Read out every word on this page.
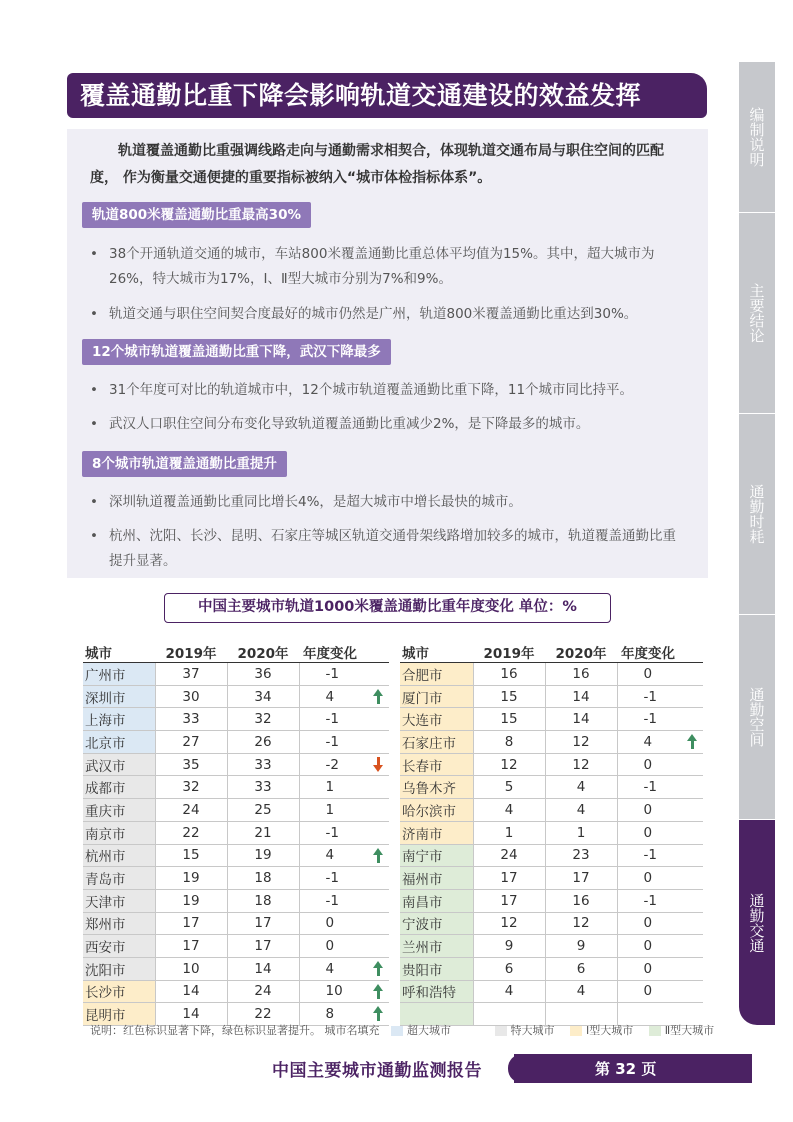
覆盖通勤比重下降会影响轨道交通建设的效益发挥
轨道覆盖通勤比重强调线路走向与通勤需求相契合，体现轨道交通布局与职住空间的匹配度， 作为衡量交通便捷的重要指标被纳入“城市体检指标体系”。
轨道800米覆盖通勤比重最高30%
• 38个开通轨道交通的城市，车站800米覆盖通勤比重总体平均值为15%。其中，超大城市为26%，特大城市为17%，Ⅰ、Ⅱ型大城市分别为7%和9%。
• 轨道交通与职住空间契合度最好的城市仍然是广州，轨道800米覆盖通勤比重达到30%。
12个城市轨道覆盖通勤比重下降，武汉下降最多
• 31个年度可对比的轨道城市中，12个城市轨道覆盖通勤比重下降，11个城市同比持平。
• 武汉人口职住空间分布变化导致轨道覆盖通勤比重减少2%，是下降最多的城市。
8个城市轨道覆盖通勤比重提升
• 深圳轨道覆盖通勤比重同比增长4%，是超大城市中增长最快的城市。
• 杭州、沈阳、长沙、昆明、石家庄等城区轨道交通骨架线路增加较多的城市，轨道覆盖通勤比重提升显著。
中国主要城市轨道1000米覆盖通勤比重年度变化 单位：%
城市	2019年	2020年	年度变化
广州市	37	36	-1
深圳市	30	34	4

上海市	33	32	-1
北京市	27	26	-1
武汉市	35	33	-2

成都市	32	33	1
重庆市	24	25	1
南京市	22	21	-1
杭州市	15	19	4

青岛市	19	18	-1
天津市	19	18	-1
郑州市	17	17	0
西安市	17	17	0
沈阳市	10	14	4

长沙市	14	24	10

昆明市	14	22	8
城市	2019年	2020年	年度变化
合肥市	16	16	0
厦门市	15	14	-1
大连市	15	14	-1
石家庄市	8	12	4

长春市	12	12	0
乌鲁木齐	5	4	-1
哈尔滨市	4	4	0
济南市	1	1	0
南宁市	24	23	-1
福州市	17	17	0
南昌市	17	16	-1
宁波市	12	12	0
兰州市	9	9	0
贵阳市	6	6	0
呼和浩特	4	4	0

说明：红色标识显著下降，绿色标识显著提升。 城市名填充	超大城市	特大城市	Ⅰ型大城市	Ⅱ型大城市
中国主要城市通勤监测报告	第 32 页
编制说明
主要结论
通勤时耗
通勤空间
通勤交通
